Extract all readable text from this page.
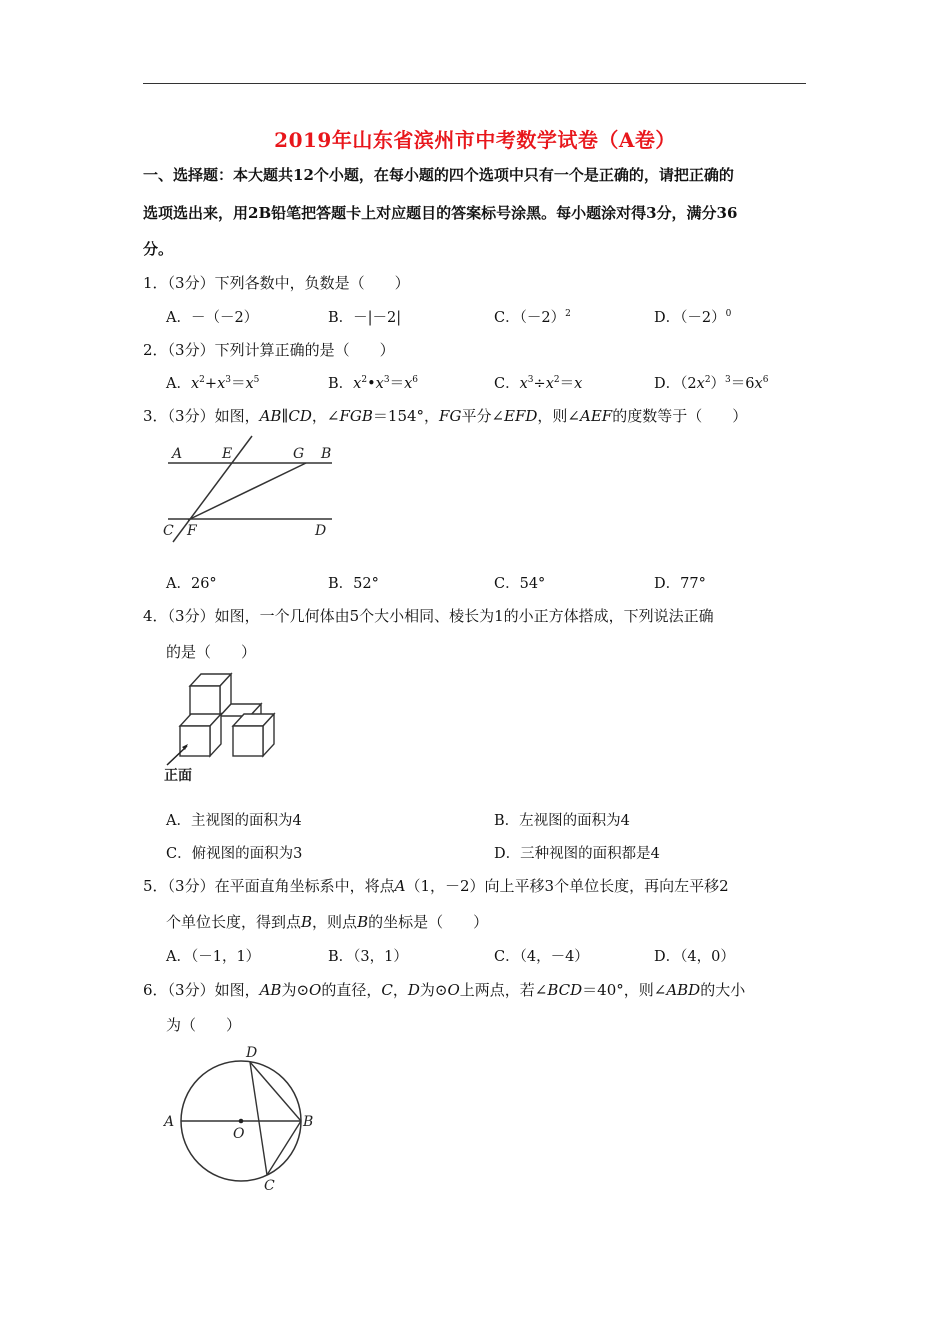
2019年山东省滨州市中考数学试卷（A卷）
一、选择题：本大题共12个小题，在每小题的四个选项中只有一个是正确的，请把正确的
选项选出来，用2B铅笔把答题卡上对应题目的答案标号涂黑。每小题涂对得3分，满分36
分。
1．（3分）下列各数中，负数是（　　）
A．－（－2）	B．－|－2|	C．$(-2)^2$	D．$(-2)^0$
2．（3分）下列计算正确的是（　　）
A．$x^2+x^3=x^5$	B．$x^2•x^3=x^6$	C．$x^3\div x^2=x$	D．$(2x^2)^3=6x^6$
3．（3分）如图，AB∥CD，∠FGB＝154°，FG平分∠EFD，则∠AEF的度数等于（　　）
A	E	G B
C F	D
A．26°	B．52°	C．54°	D．77°
4．（3分）如图，一个几何体由5个大小相同、棱长为1的小正方体搭成，下列说法正确
的是（　　）
正面
A．主视图的面积为4	B．左视图的面积为4
C．俯视图的面积为3	D．三种视图的面积都是4
5．（3分）在平面直角坐标系中，将点A（1，－2）向上平移3个单位长度，再向左平移2
个单位长度，得到点B，则点B的坐标是（　　）
A．（－1，1）	B．（3，1）	C．（4，－4）	D．（4，0）
6．（3分）如图，AB为⊙O的直径，C，D为⊙O上两点，若∠BCD＝40°，则∠ABD的大小
为（　　）
A
O
B
C
D
